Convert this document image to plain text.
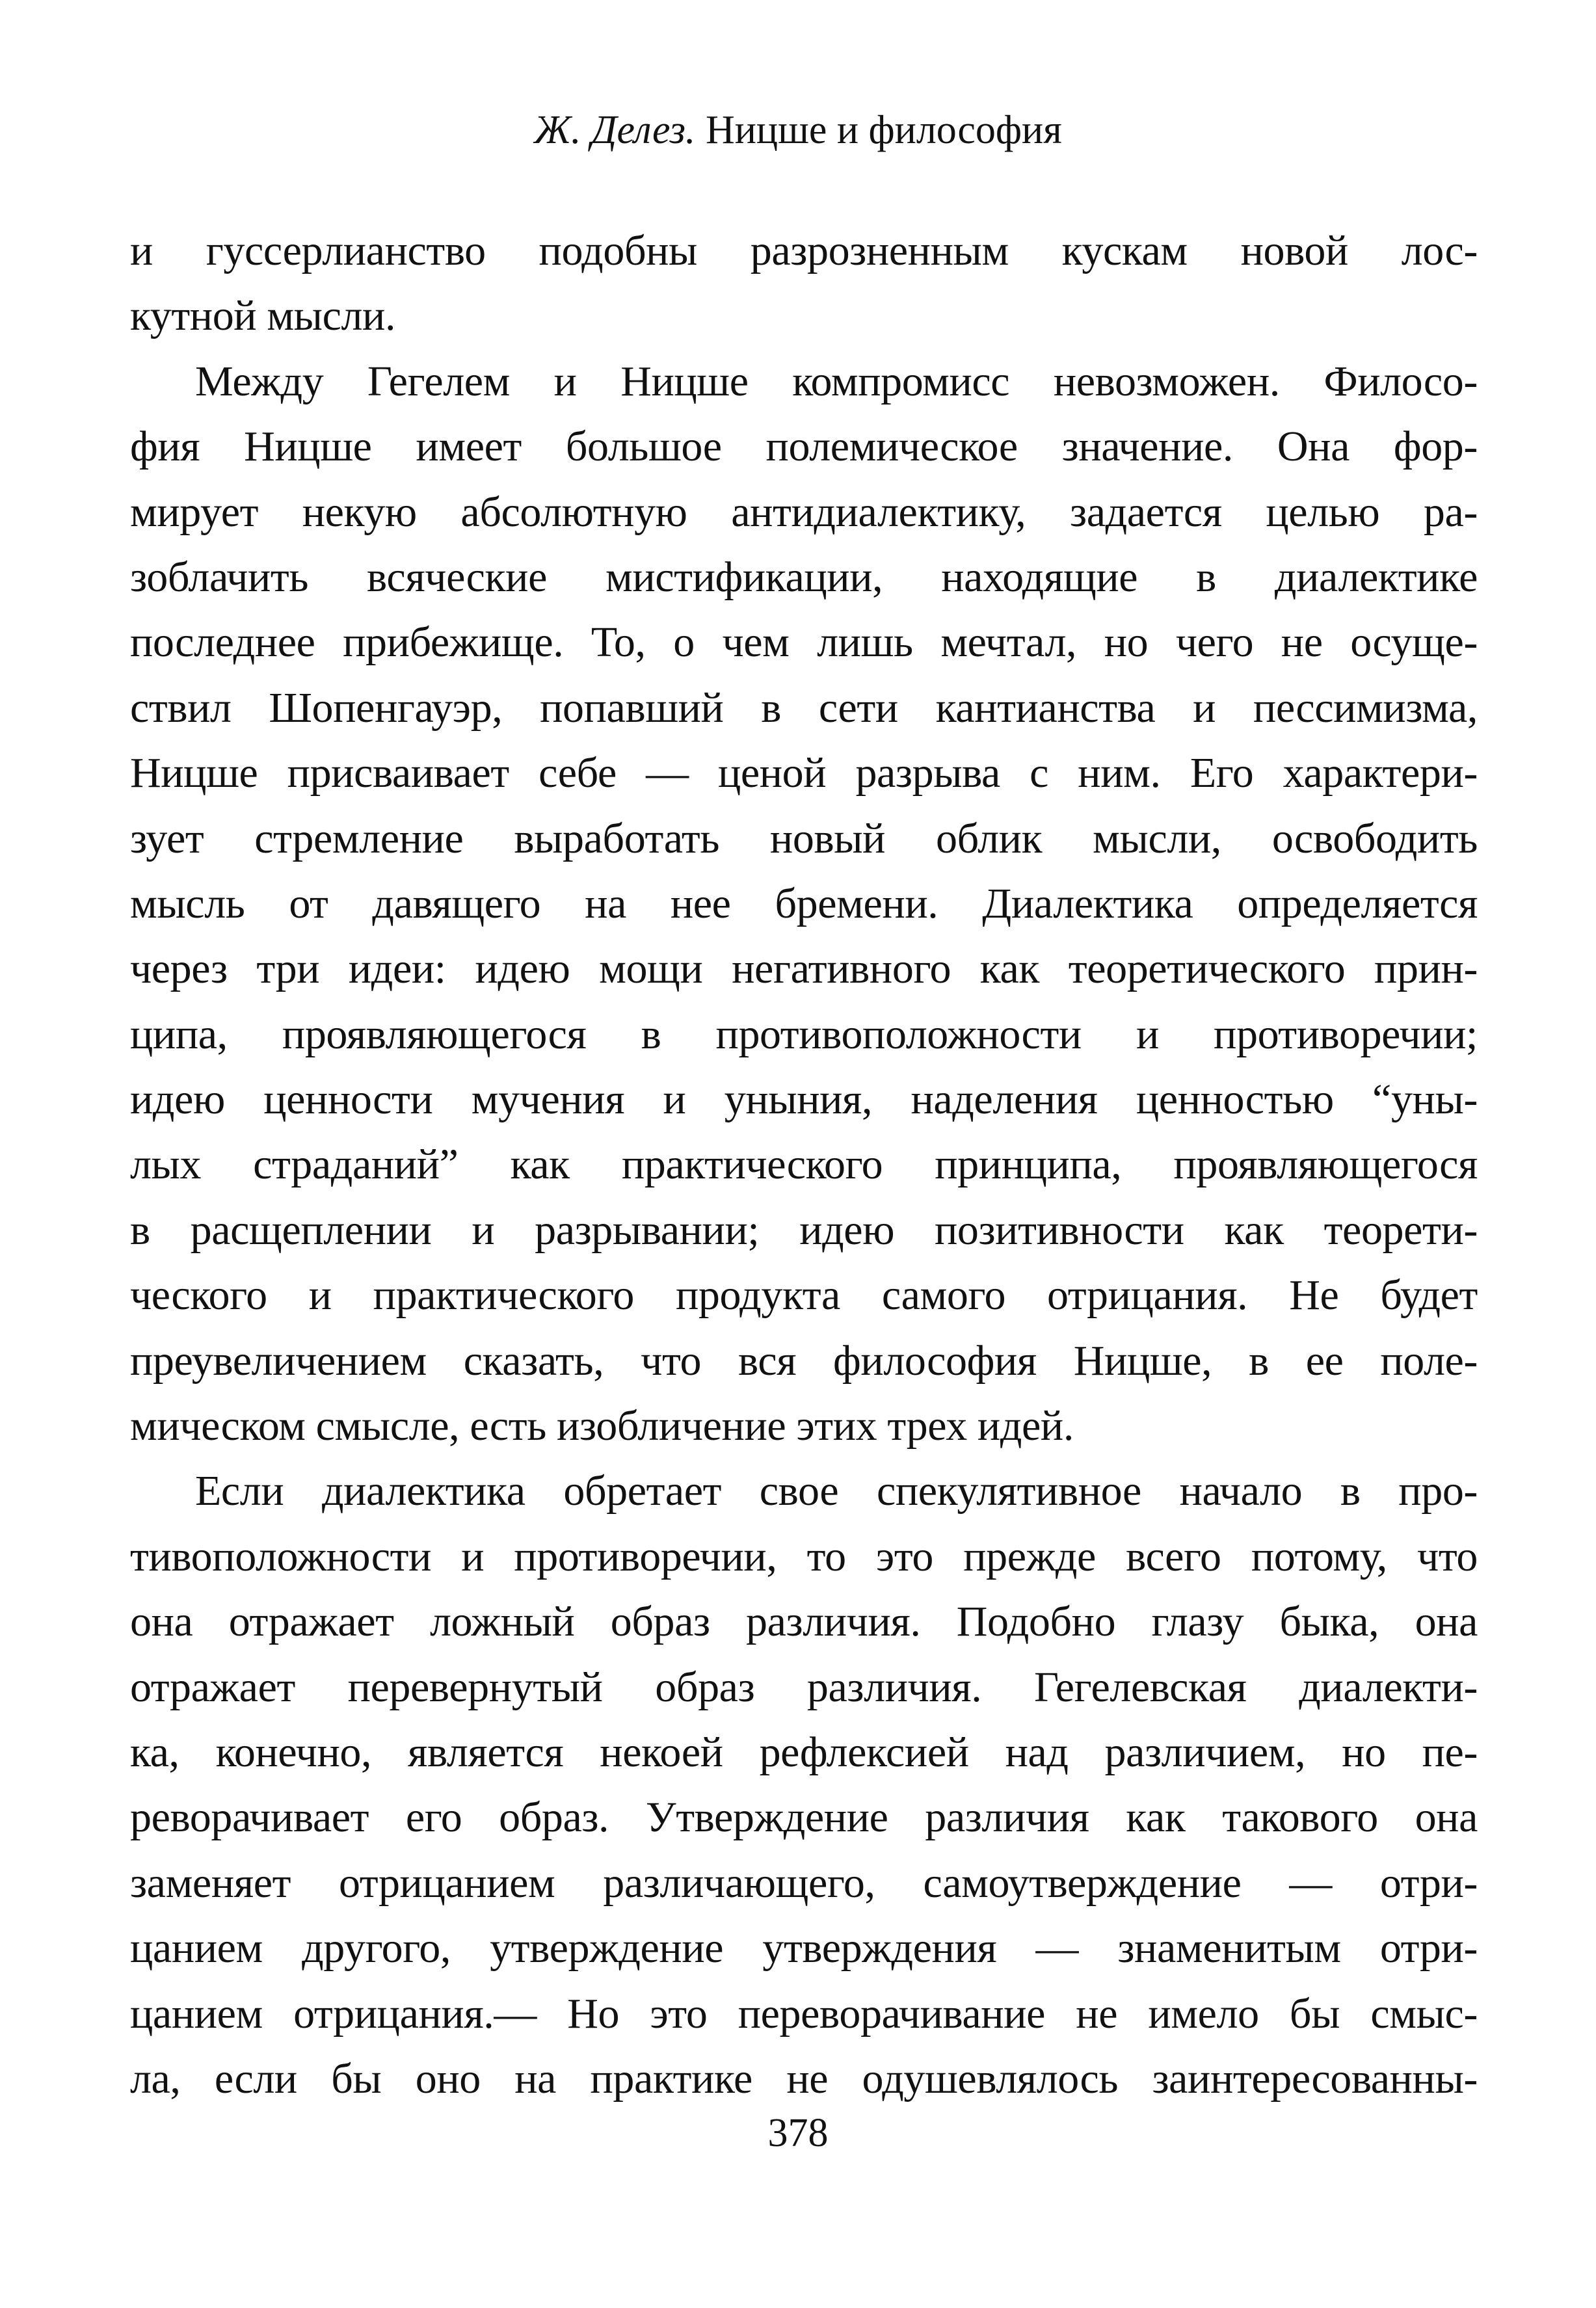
Ж. Делез. Ницше и философия
и гуссерлианство подобны разрозненным кускам новой лос-
кутной мысли.
Между Гегелем и Ницше компромисс невозможен. Филосо-
фия Ницше имеет большое полемическое значение. Она фор-
мирует некую абсолютную антидиалектику, задается целью ра-
зоблачить всяческие мистификации, находящие в диалектике
последнее прибежище. То, о чем лишь мечтал, но чего не осуще-
ствил Шопенгауэр, попавший в сети кантианства и пессимизма,
Ницше присваивает себе — ценой разрыва с ним. Его характери-
зует стремление выработать новый облик мысли, освободить
мысль от давящего на нее бремени. Диалектика определяется
через три идеи: идею мощи негативного как теоретического прин-
ципа, проявляющегося в противоположности и противоречии;
идею ценности мучения и уныния, наделения ценностью “уны-
лых страданий” как практического принципа, проявляющегося
в расщеплении и разрывании; идею позитивности как теорети-
ческого и практического продукта самого отрицания. Не будет
преувеличением сказать, что вся философия Ницше, в ее поле-
мическом смысле, есть изобличение этих трех идей.
Если диалектика обретает свое спекулятивное начало в про-
тивоположности и противоречии, то это прежде всего потому, что
она отражает ложный образ различия. Подобно глазу быка, она
отражает перевернутый образ различия. Гегелевская диалекти-
ка, конечно, является некоей рефлексией над различием, но пе-
реворачивает его образ. Утверждение различия как такового она
заменяет отрицанием различающего, самоутверждение — отри-
цанием другого, утверждение утверждения — знаменитым отри-
цанием отрицания.— Но это переворачивание не имело бы смыс-
ла, если бы оно на практике не одушевлялось заинтересованны-
378
